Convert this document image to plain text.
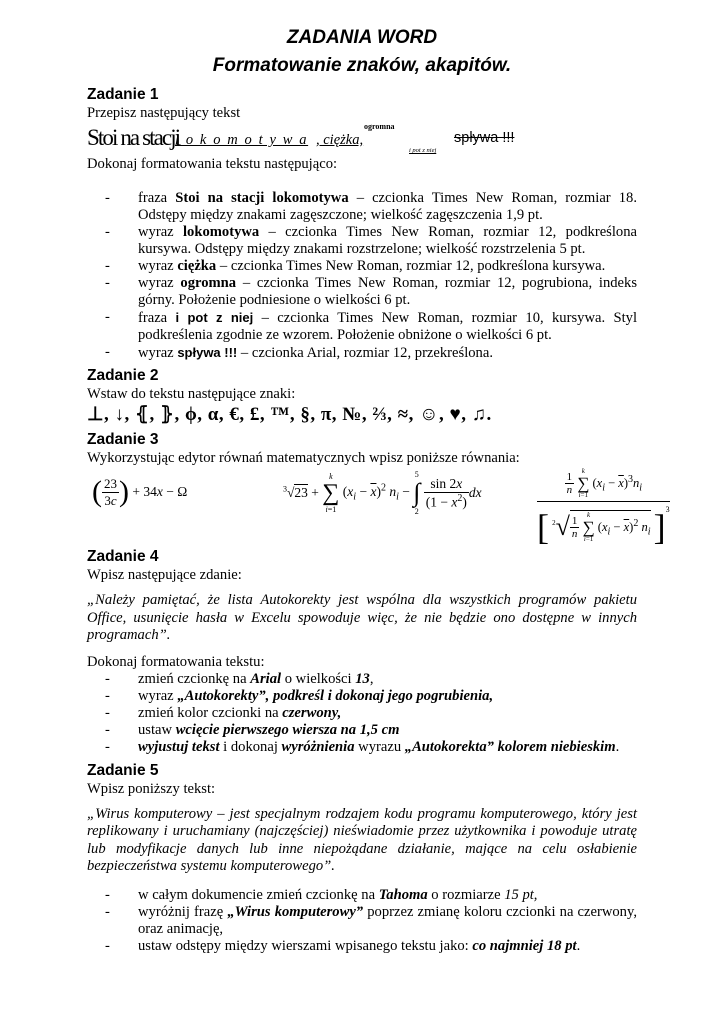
ZADANIA WORD
Formatowanie znaków, akapitów.
Zadanie 1

Przepisz następujący tekst

Stoi na stacji
l o k o m o t y w a , ciężka,
ogromna
i pot z niej
spływa !!!

Dokonaj formatowania tekstu następująco:

- fraza Stoi na stacji lokomotywa – czcionka Times New Roman, rozmiar 18. Odstępy między znakami zagęszczone; wielkość zagęszczenia 1,9 pt.
- wyraz lokomotywa – czcionka Times New Roman, rozmiar 12, podkreślona kursywa. Odstępy między znakami rozstrzelone; wielkość rozstrzelenia 5 pt.
- wyraz ciężka – czcionka Times New Roman, rozmiar 12, podkreślona kursywa.
- wyraz ogromna – czcionka Times New Roman, rozmiar 12, pogrubiona, indeks górny. Położenie podniesione o wielkości 6 pt.
- fraza i pot z niej – czcionka Times New Roman, rozmiar 10, kursywa. Styl podkreślenia zgodnie ze wzorem. Położenie obniżone o wielkości 6 pt.
- wyraz spływa !!! – czcionka Arial, rozmiar 12, przekreślona.
Zadanie 2

Wstaw do tekstu następujące znaki:

⊥, ↓, ⦃, ⦄, ϕ, α, €, £, ™, §, π, №, ⅔, ≈, ☺, ♥, ♫.

Zadanie 3

Wykorzystując edytor równań matematycznych wpisz poniższe równania:

( $\frac{23}{3c}$ ) + 34x − Ω	$^3$√23 +
k
∑
i=1
$(x_i - \overline{x})^2$ $n_i$ −
5
∫
2

$\frac{\sin 2x}{(1 - x^2)}$ dx	$\frac{1}{n}$
	k
∑
i=1
$(x_i - \overline{x})^3n_i$
[ $^2√ \frac{1}{n}$
	k
∑
i=1
$(x_i - \overline{x})^2$ $n_i$ ]$^3$
Zadanie 4

Wpisz następujące zdanie:

„Należy pamiętać, że lista Autokorekty jest wspólna dla wszystkich programów pakietu Office, usunięcie hasła w Excelu spowoduje więc, że nie będzie ono dostępne w innych programach”.

Dokonaj formatowania tekstu:

- zmień czcionkę na Arial o wielkości 13,
- wyraz „Autokorekty”, podkreśl i dokonaj jego pogrubienia,
- zmień kolor czcionki na czerwony,
- ustaw wcięcie pierwszego wiersza na 1,5 cm
- wyjustuj tekst i dokonaj wyróżnienia wyrazu „Autokorekta” kolorem niebieskim.
Zadanie 5

Wpisz poniższy tekst:

„Wirus komputerowy – jest specjalnym rodzajem kodu programu komputerowego, który jest replikowany i uruchamiany (najczęściej) nieświadomie przez użytkownika i powoduje utratę lub modyfikacje danych lub inne niepożądane działanie, mające na celu osłabienie bezpieczeństwa systemu komputerowego”.

- w całym dokumencie zmień czcionkę na Tahoma o rozmiarze 15 pt,
- wyróżnij frazę „Wirus komputerowy” poprzez zmianę koloru czcionki na czerwony, oraz animację,
- ustaw odstępy między wierszami wpisanego tekstu jako: co najmniej 18 pt.
